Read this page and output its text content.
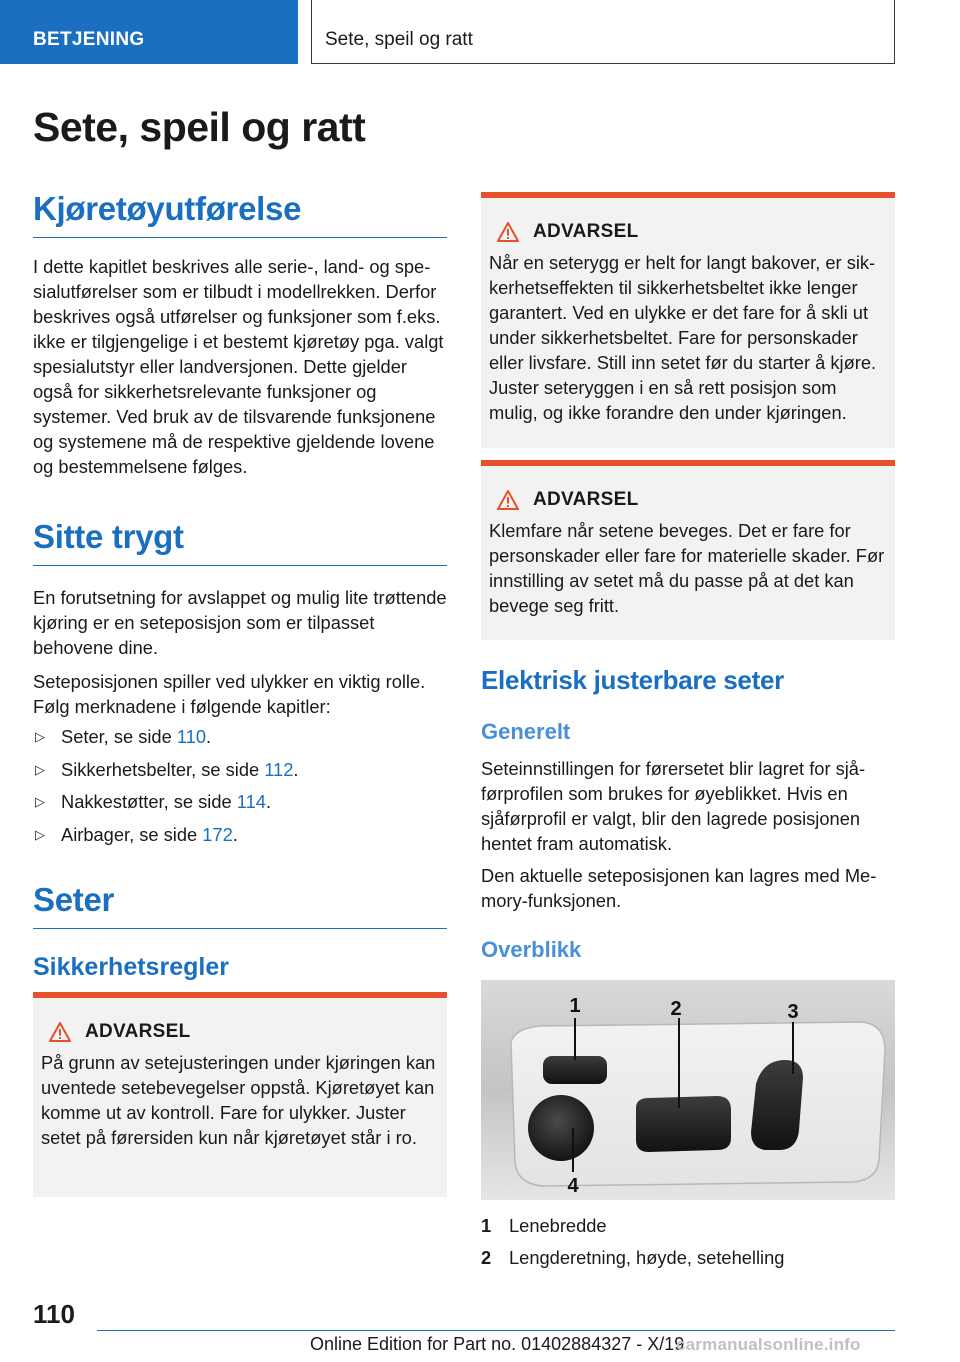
BETJENING	Sete, speil og ratt
Sete, speil og ratt
Kjøretøyutførelse

I dette kapitlet beskrives alle serie-, land- og spesialutførelser som er tilbudt i modellrekken. Derfor beskrives også utførelser og funksjoner som f.eks. ikke er tilgjengelige i et bestemt kjøretøy pga. valgt spesialutstyr eller landversjonen. Dette gjelder også for sikkerhetsrelevante funksjoner og systemer. Ved bruk av de tilsvarende funksjonene og systemene må de respektive gjeldende lovene og bestemmelsene følges.

Sitte trygt

En forutsetning for avslappet og mulig lite trøttende kjøring er en seteposisjon som er tilpasset behovene dine.

Seteposisjonen spiller ved ulykker en viktig rolle. Følg merknadene i følgende kapitler:

▷ Seter, se side 110.
▷ Sikkerhetsbelter, se side 112.
▷ Nakkestøtter, se side 114.
▷ Airbager, se side 172.
Seter
Sikkerhetsregler
ADVARSEL

På grunn av setejusteringen under kjøringen kan uventede setebevegelser oppstå. Kjøretøyet kan komme ut av kontroll. Fare for ulykker. Juster setet på førersiden kun når kjøretøyet står i ro.

ADVARSEL

Når en seterygg er helt for langt bakover, er sikkerhetseffekten til sikkerhetsbeltet ikke lenger garantert. Ved en ulykke er det fare for å skli ut under sikkerhetsbeltet. Fare for personskader eller livsfare. Still inn setet før du starter å kjøre. Juster seteryggen i en så rett posisjon som mulig, og ikke forandre den under kjøringen.

ADVARSEL

Klemfare når setene beveges. Det er fare for personskader eller fare for materielle skader. Før innstilling av setet må du passe på at det kan bevege seg fritt.

Elektrisk justerbare seter
Generelt

Seteinnstillingen for førersetet blir lagret for sjåførprofilen som brukes for øyeblikket. Hvis en sjåførprofil er valgt, blir den lagrede posisjonen hentet fram automatisk.

Den aktuelle seteposisjonen kan lagres med Memory-funksjonen.

Overblikk
1	2	3
4
1 Lenebredde
2 Lengderetning, høyde, setehelling
110
Online Edition for Part no. 01402884327 - X/19
carmanualsonline.info
